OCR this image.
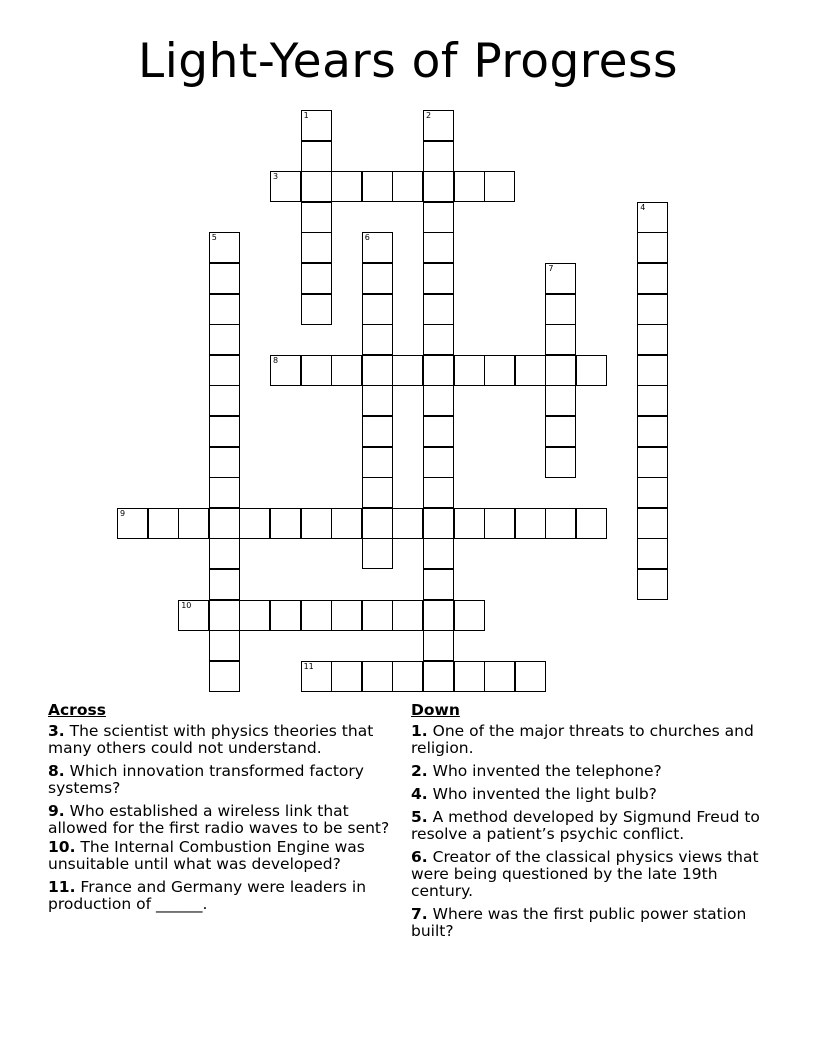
Light-Years of Progress
1	2
3
4
5	6
7
8
9
10
11
Across
3. The scientist with physics theories that many others could not understand.
8. Which innovation transformed factory systems?
9. Who established a wireless link that allowed for the first radio waves to be sent?
10. The Internal Combustion Engine was unsuitable until what was developed?
11. France and Germany were leaders in production of ______.
Down
1. One of the major threats to churches and religion.
2. Who invented the telephone?
4. Who invented the light bulb?
5. A method developed by Sigmund Freud to resolve a patient’s psychic conflict.
6. Creator of the classical physics views that were being questioned by the late 19th century.
7. Where was the first public power station built?
